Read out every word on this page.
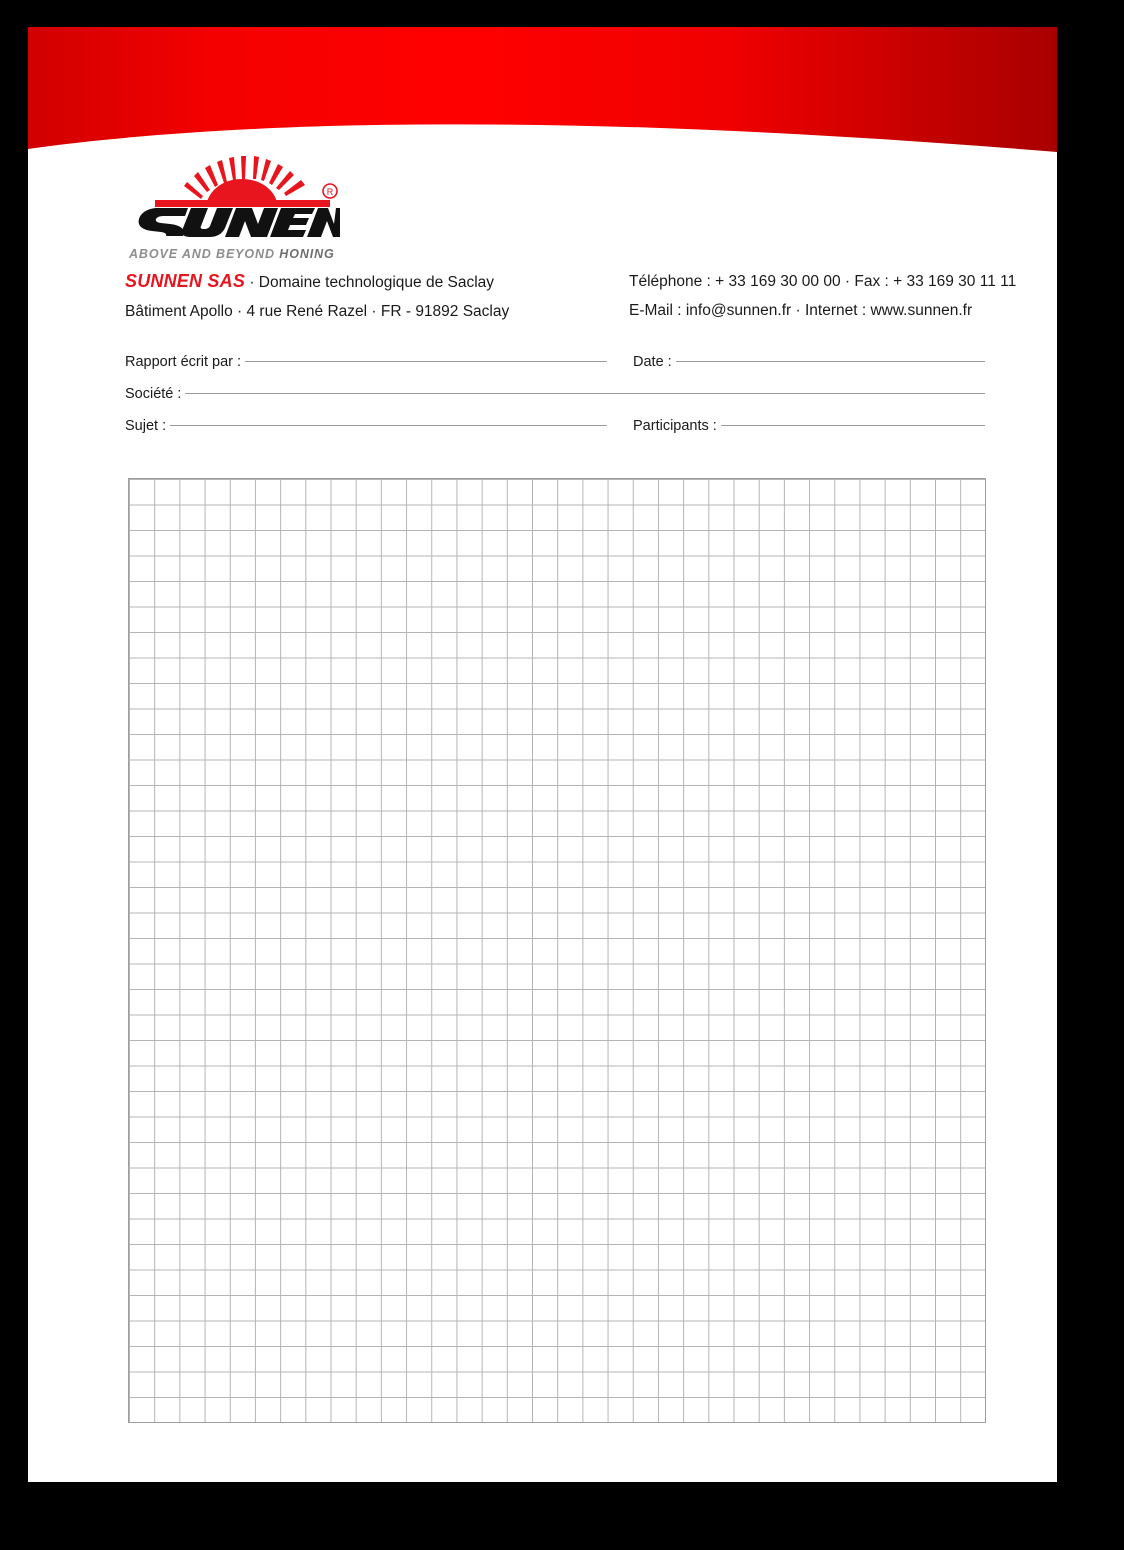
R
ABOVE AND BEYOND HONING
SUNNEN SAS · Domaine technologique de Saclay
Bâtiment Apollo · 4 rue René Razel · FR - 91892 Saclay
Téléphone : + 33 169 30 00 00 · Fax : + 33 169 30 11 11
E-Mail : info@sunnen.fr · Internet : www.sunnen.fr
Rapport écrit par :	Date :
Société :
Sujet :	Participants :
